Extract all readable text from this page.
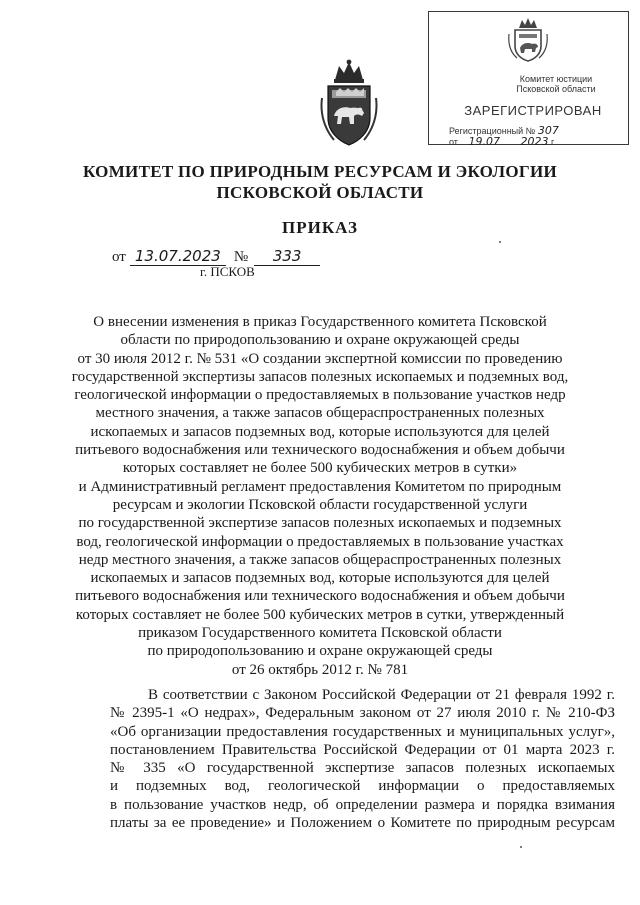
Комитет юстиции
Псковской области
ЗАРЕГИСТРИРОВАН
Регистрационный № 307
от 19.07 2023 г.
КОМИТЕТ ПО ПРИРОДНЫМ РЕСУРСАМ И ЭКОЛОГИИ
ПСКОВСКОЙ ОБЛАСТИ
ПРИКАЗ
от 13.07.2023 № 333
г. ПСКОВ
О внесении изменения в приказ Государственного комитета Псковской
области по природопользованию и охране окружающей среды
от 30 июля 2012 г. № 531 «О создании экспертной комиссии по проведению
государственной экспертизы запасов полезных ископаемых и подземных вод,
геологической информации о предоставляемых в пользование участков недр
местного значения, а также запасов общераспространенных полезных
ископаемых и запасов подземных вод, которые используются для целей
питьевого водоснабжения или технического водоснабжения и объем добычи
которых составляет не более 500 кубических метров в сутки»
и Административный регламент предоставления Комитетом по природным
ресурсам и экологии Псковской области государственной услуги
по государственной экспертизе запасов полезных ископаемых и подземных
вод, геологической информации о предоставляемых в пользование участках
недр местного значения, а также запасов общераспространенных полезных
ископаемых и запасов подземных вод, которые используются для целей
питьевого водоснабжения или технического водоснабжения и объем добычи
которых составляет не более 500 кубических метров в сутки, утвержденный
приказом Государственного комитета Псковской области
по природопользованию и охране окружающей среды
от 26 октябрь 2012 г. № 781
В соответствии с Законом Российской Федерации от 21 февраля 1992 г.
№ 2395-1 «О недрах», Федеральным законом от 27 июля 2010 г. № 210-ФЗ
«Об организации предоставления государственных и муниципальных услуг»,
постановлением Правительства Российской Федерации от 01 марта 2023 г.
№ 335 «О государственной экспертизе запасов полезных ископаемых
и подземных вод, геологической информации о предоставляемых
в пользование участков недр, об определении размера и порядка взимания
платы за ее проведение» и Положением о Комитете по природным ресурсам
